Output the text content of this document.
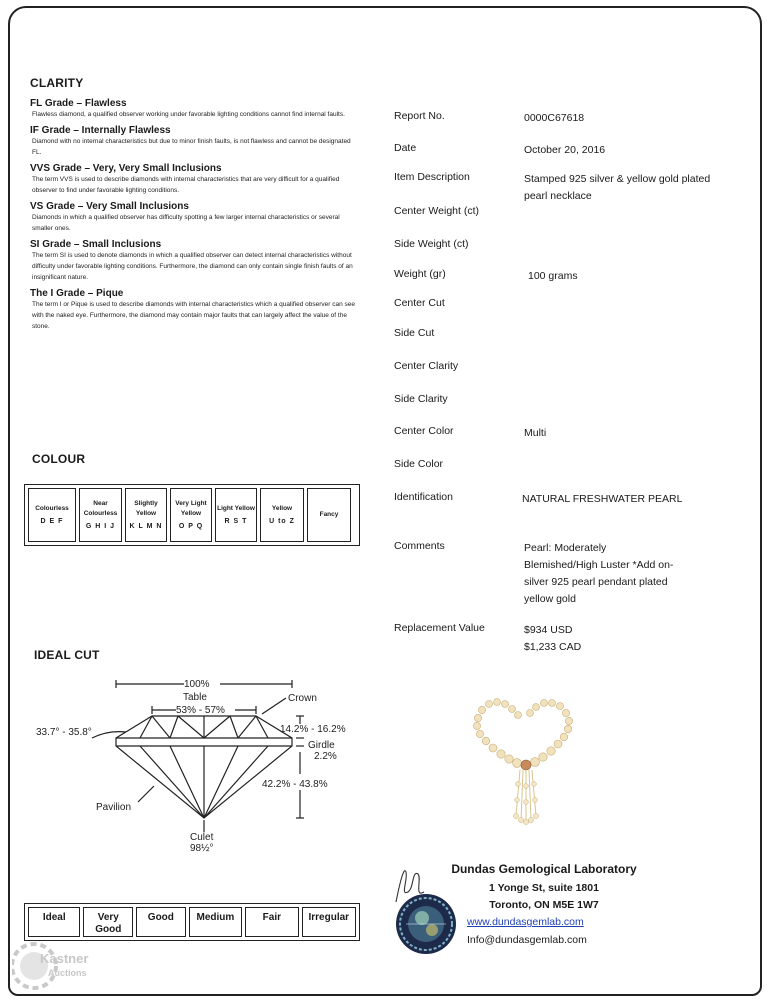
CLARITY
FL Grade – Flawless
Flawless diamond, a qualified observer working under favorable lighting conditions cannot find internal faults.
IF Grade – Internally Flawless
Diamond with no internal characteristics but due to minor finish faults, is not flawless and cannot be designated FL.
VVS Grade – Very, Very Small Inclusions
The term VVS is used to describe diamonds with internal characteristics that are very difficult for a qualified observer to find under favorable lighting conditions.
VS Grade – Very Small Inclusions
Diamonds in which a qualified observer has difficulty spotting a few larger internal characteristics or several smaller ones.
SI Grade – Small Inclusions
The term SI is used to denote diamonds in which a qualified observer can detect internal characteristics without difficulty under favorable lighting conditions. Furthermore, the diamond can only contain single finish faults of an insignificant nature.
The I Grade – Pique
The term I or Pique is used to describe diamonds with internal characteristics which a qualified observer can see with the naked eye. Furthermore, the diamond may contain major faults that can largely affect the value of the stone.
COLOUR
Colourless
D E F
Near Colourless
G H I J
Slightly Yellow
K L M N
Very Light Yellow
O P Q
Light Yellow
R S T
Yellow
U to Z
Fancy
IDEAL CUT
100%
Table
53% - 57%
Crown
33.7° - 35.8°	14.2% - 16.2%
Girdle
2.2%
42.2% - 43.8%
Pavilion
Culet
98½°
Ideal	Very Good
Good	Medium	Fair	Irregular
Kastner
Auctions
Report No.	0000C67618
Date	October 20, 2016
Item Description	Stamped 925 silver & yellow gold plated pearl necklace
Center Weight (ct)
Side Weight (ct)
Weight (gr)	100 grams
Center Cut
Side Cut
Center Clarity
Side Clarity
Center Color	Multi
Side Color
Identification	NATURAL FRESHWATER PEARL
Comments	Pearl: Moderately Blemished/High Luster *Add on- silver 925 pearl pendant plated yellow gold
Replacement Value	$934 USD
$1,233 CAD
Dundas Gemological Laboratory
1 Yonge St, suite 1801
Toronto, ON M5E 1W7
www.dundasgemlab.com
Info@dundasgemlab.com
